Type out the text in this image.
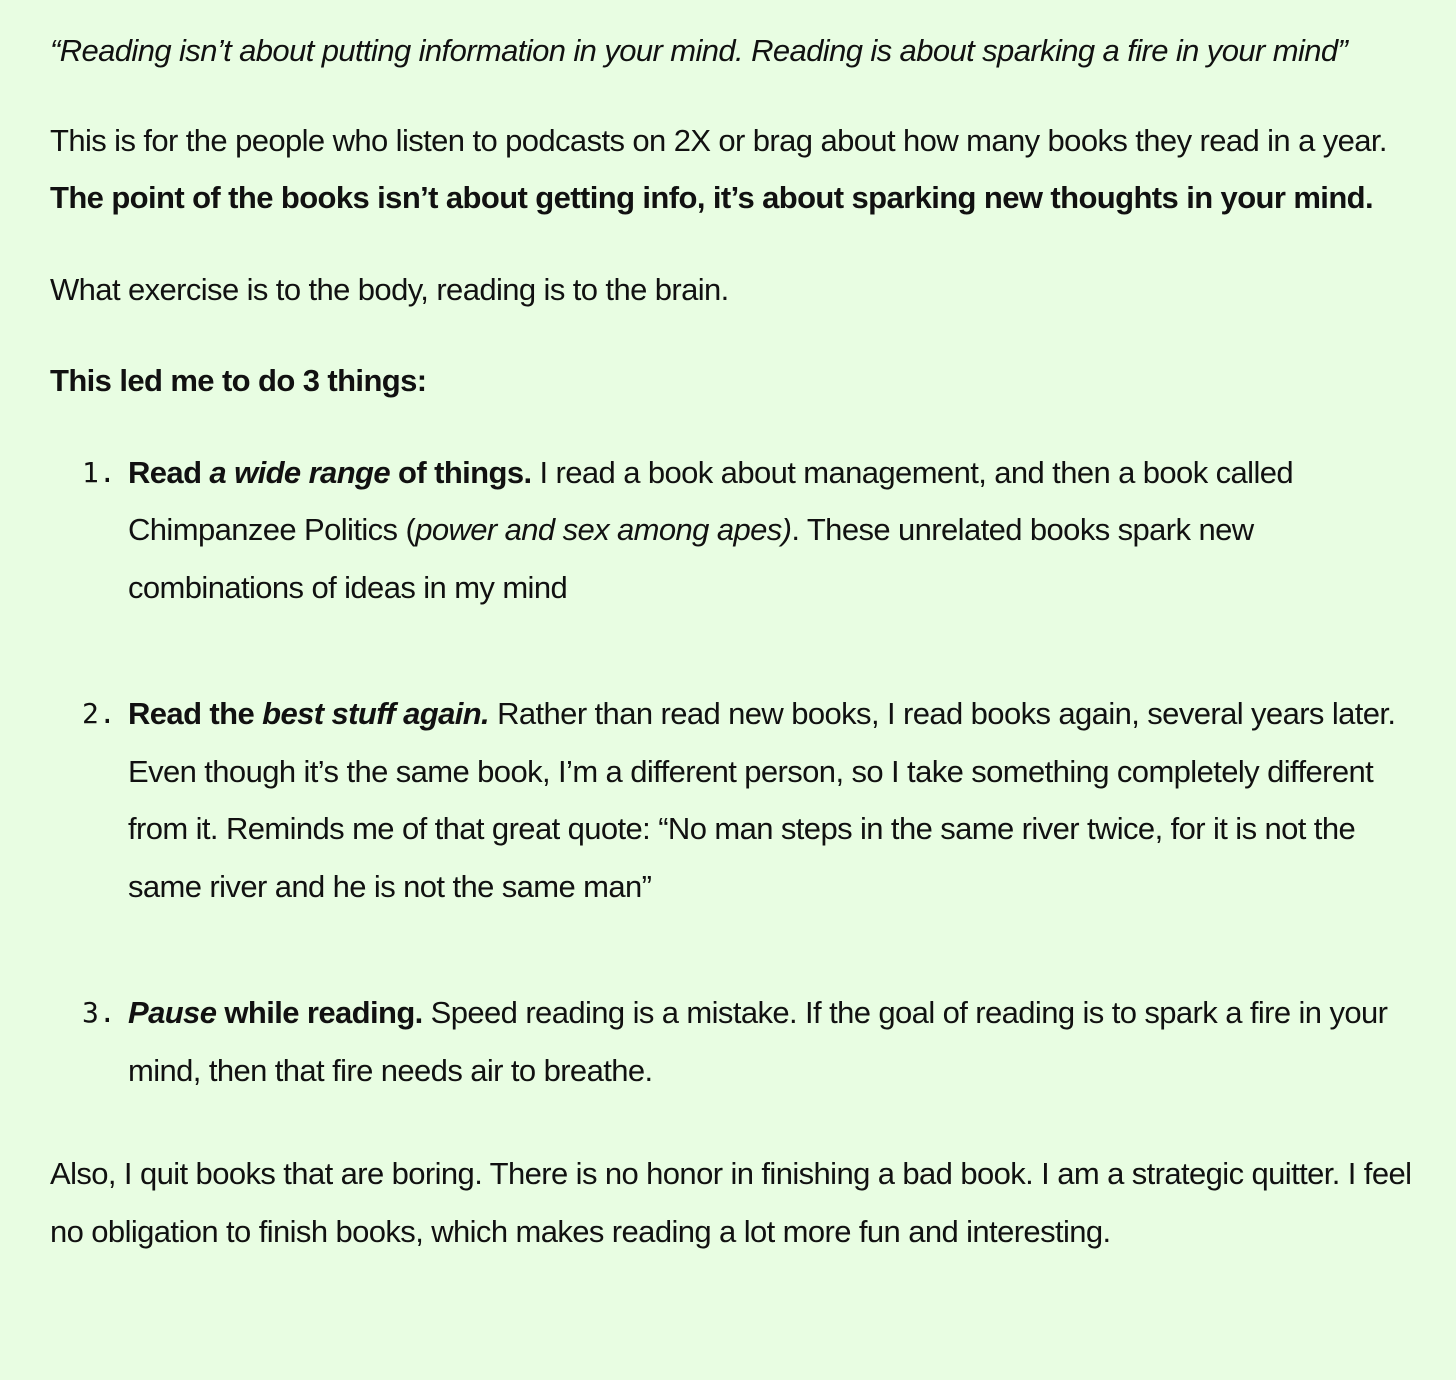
“Reading isn’t about putting information in your mind. Reading is about sparking a fire in your mind”

This is for the people who listen to podcasts on 2X or brag about how many books they read in a year. The point of the books isn’t about getting info, it’s about sparking new thoughts in your mind.

What exercise is to the body, reading is to the brain.

This led me to do 3 things:

1. Read a wide range of things. I read a book about management, and then a book called Chimpanzee Politics (power and sex among apes). These unrelated books spark new combinations of ideas in my mind
2. Read the best stuff again. Rather than read new books, I read books again, several years later. Even though it’s the same book, I’m a different person, so I take something completely different from it. Reminds me of that great quote: “No man steps in the same river twice, for it is not the same river and he is not the same man”
3. Pause while reading. Speed reading is a mistake. If the goal of reading is to spark a fire in your mind, then that fire needs air to breathe.

Also, I quit books that are boring. There is no honor in finishing a bad book. I am a strategic quitter. I feel no obligation to finish books, which makes reading a lot more fun and interesting.
